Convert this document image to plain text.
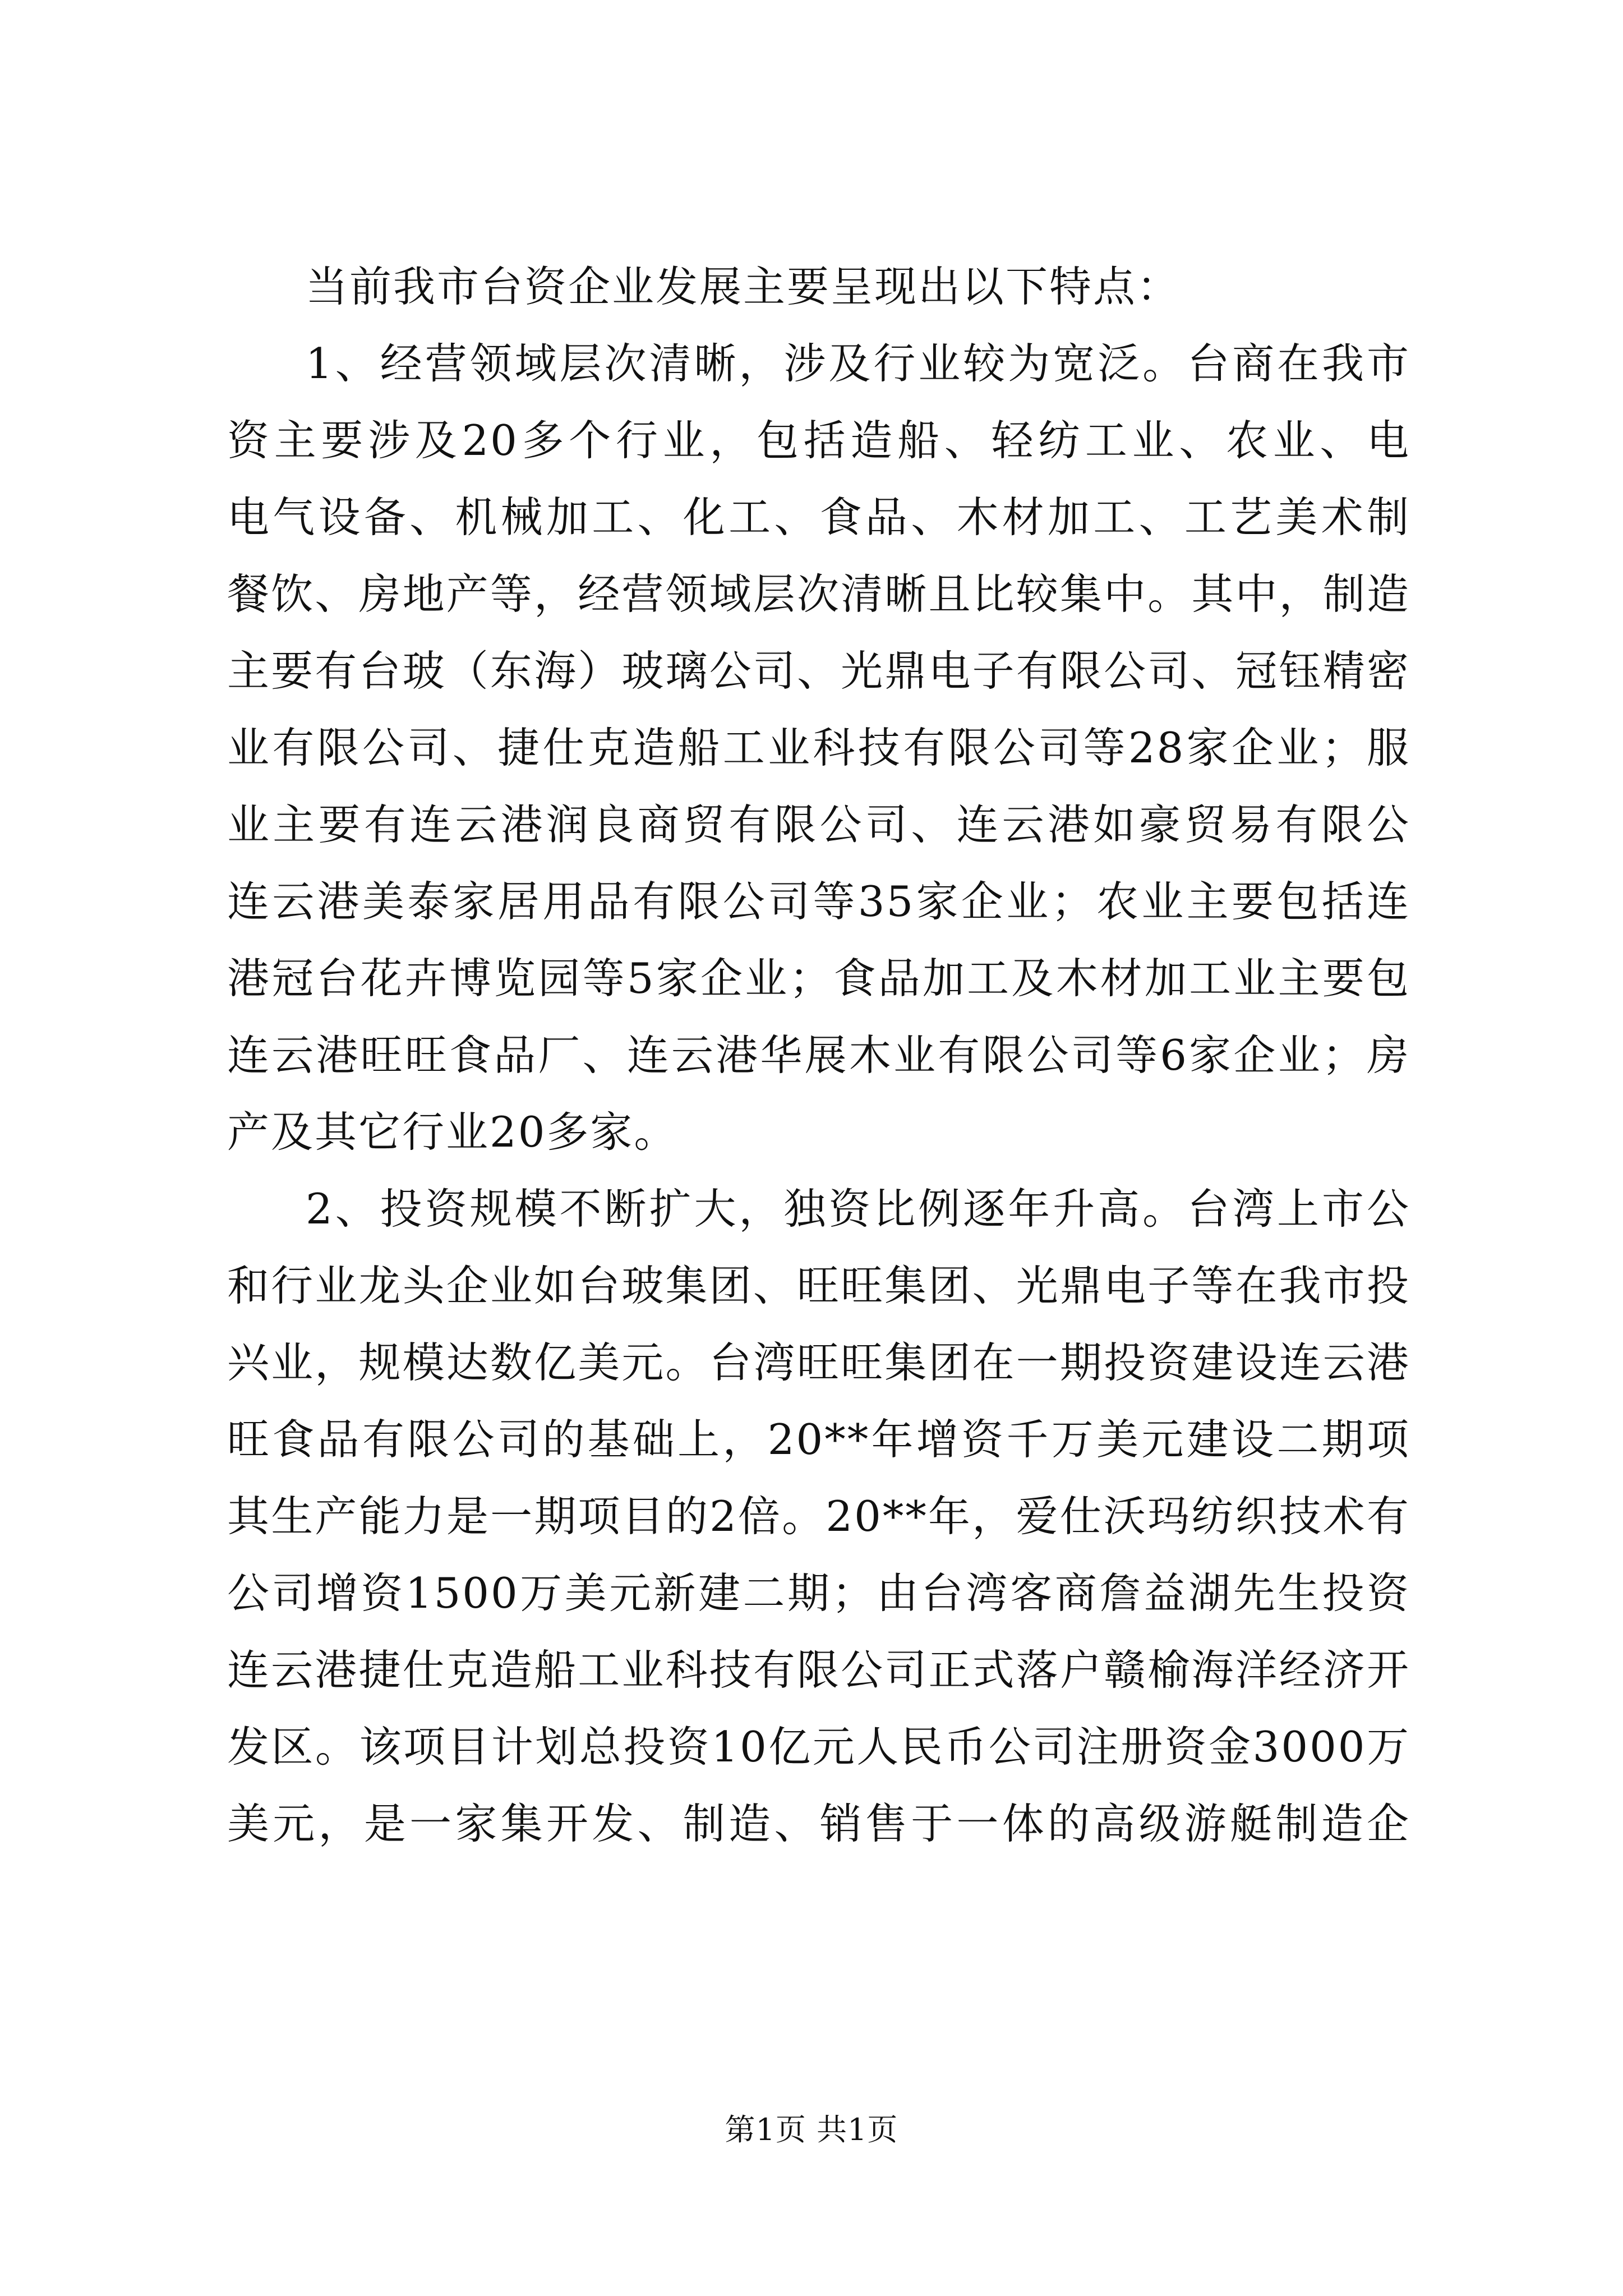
当前我市台资企业发展主要呈现出以下特点：
1、经营领域层次清晰，涉及行业较为宽泛。台商在我市
资主要涉及20多个行业，包括造船、轻纺工业、农业、电
电气设备、机械加工、化工、食品、木材加工、工艺美术制
餐饮、房地产等，经营领域层次清晰且比较集中。其中，制造
主要有台玻（东海）玻璃公司、光鼎电子有限公司、冠钰精密
业有限公司、捷仕克造船工业科技有限公司等28家企业；服
业主要有连云港润良商贸有限公司、连云港如豪贸易有限公
连云港美泰家居用品有限公司等35家企业；农业主要包括连
港冠台花卉博览园等5家企业；食品加工及木材加工业主要包
连云港旺旺食品厂、连云港华展木业有限公司等6家企业；房
产及其它行业20多家。
2、投资规模不断扩大，独资比例逐年升高。台湾上市公
和行业龙头企业如台玻集团、旺旺集团、光鼎电子等在我市投
兴业，规模达数亿美元。台湾旺旺集团在一期投资建设连云港
旺食品有限公司的基础上，20**年增资千万美元建设二期项
其生产能力是一期项目的2倍。20**年，爱仕沃玛纺织技术有
公司增资1500万美元新建二期；由台湾客商詹益湖先生投资
连云港捷仕克造船工业科技有限公司正式落户赣榆海洋经济开
发区。该项目计划总投资10亿元人民币公司注册资金3000万
美元，是一家集开发、制造、销售于一体的高级游艇制造企
第1页 共1页
